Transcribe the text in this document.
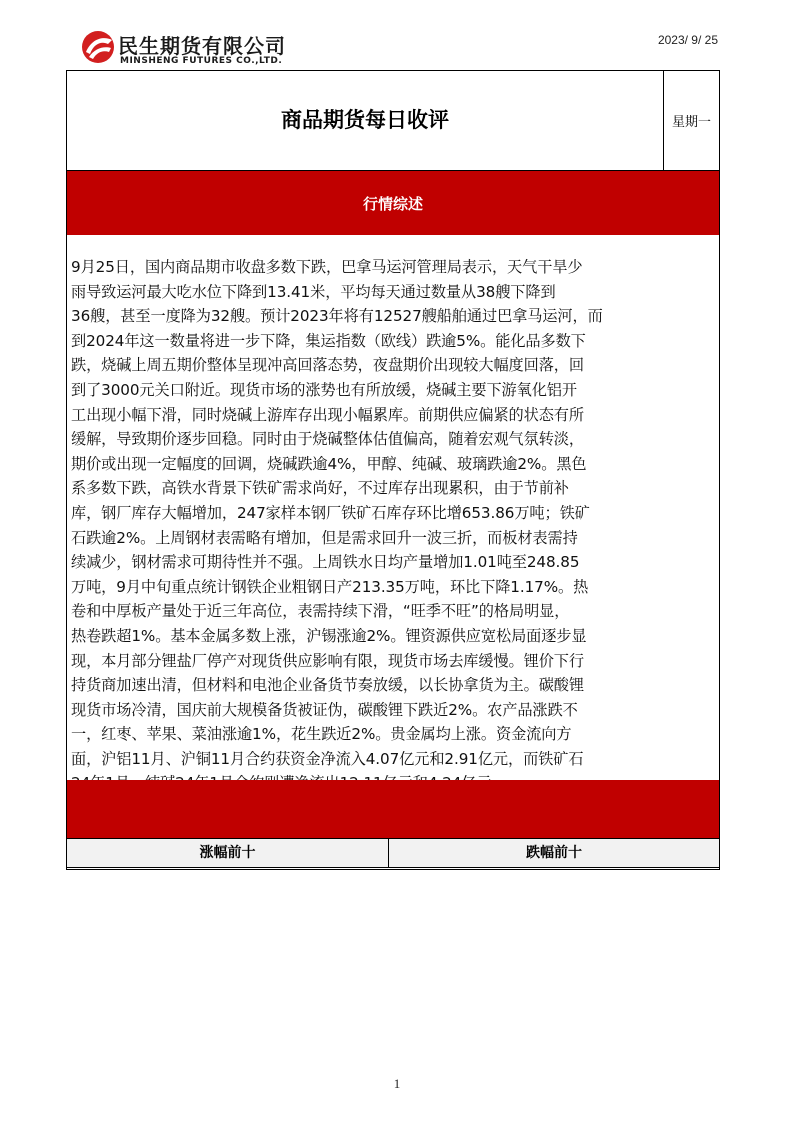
民生期货有限公司
MINSHENG FUTURES CO.,LTD.
2023/ 9/ 25
商品期货每日收评	星期一
行情综述
9月25日，国内商品期市收盘多数下跌，巴拿马运河管理局表示，天气干旱少
雨导致运河最大吃水位下降到13.41米，平均每天通过数量从38艘下降到
36艘，甚至一度降为32艘。预计2023年将有12527艘船舶通过巴拿马运河，而
到2024年这一数量将进一步下降，集运指数（欧线）跌逾5%。能化品多数下
跌，烧碱上周五期价整体呈现冲高回落态势，夜盘期价出现较大幅度回落，回
到了3000元关口附近。现货市场的涨势也有所放缓，烧碱主要下游氧化铝开
工出现小幅下滑，同时烧碱上游库存出现小幅累库。前期供应偏紧的状态有所
缓解，导致期价逐步回稳。同时由于烧碱整体估值偏高，随着宏观气氛转淡，
期价或出现一定幅度的回调，烧碱跌逾4%，甲醇、纯碱、玻璃跌逾2%。黑色
系多数下跌，高铁水背景下铁矿需求尚好，不过库存出现累积，由于节前补
库，钢厂库存大幅增加，247家样本钢厂铁矿石库存环比增653.86万吨；铁矿
石跌逾2%。上周钢材表需略有增加，但是需求回升一波三折，而板材表需持
续减少，钢材需求可期待性并不强。上周铁水日均产量增加1.01吨至248.85
万吨，9月中旬重点统计钢铁企业粗钢日产213.35万吨，环比下降1.17%。热
卷和中厚板产量处于近三年高位，表需持续下滑，“旺季不旺”的格局明显，
热卷跌超1%。基本金属多数上涨，沪锡涨逾2%。锂资源供应宽松局面逐步显
现，本月部分锂盐厂停产对现货供应影响有限，现货市场去库缓慢。锂价下行
持货商加速出清，但材料和电池企业备货节奏放缓，以长协拿货为主。碳酸锂
现货市场冷清，国庆前大规模备货被证伪，碳酸锂下跌近2%。农产品涨跌不
一，红枣、苹果、菜油涨逾1%，花生跌近2%。贵金属均上涨。资金流向方
面，沪铝11月、沪铜11月合约获资金净流入4.07亿元和2.91亿元，而铁矿石
涨幅前十	跌幅前十
1
